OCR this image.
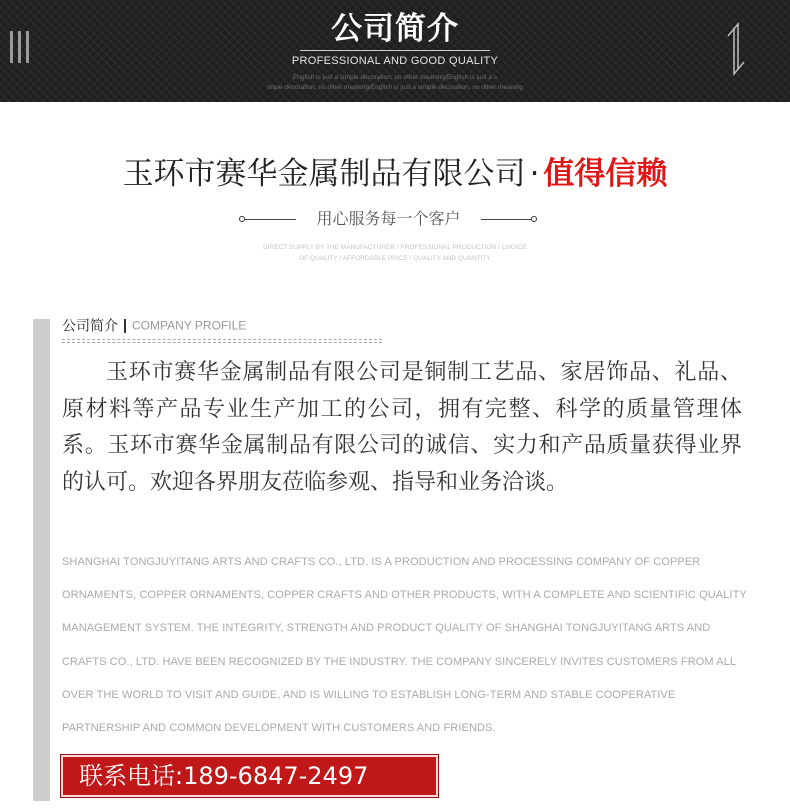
公司简介
PROFESSIONAL AND GOOD QUALITY
English is just a simple decoration, no other meaning/English is just a s
imple decoration, no other meaning/English is just a simple decoration, no other meaning
玉环市赛华金属制品有限公司 · 值得信赖
用心服务每一个客户
DIRECT SUPPLY BY THE MANUFACTURER / PROFESSIONAL PRODUCTION / CHOICE
OF QUALITY / AFFORDABLE PRICE / QUALITY AND QUANTITY
公司简介 COMPANY PROFILE

玉环市赛华金属制品有限公司是铜制工艺品、家居饰品、礼品、原材料等产品专业生产加工的公司，拥有完整、科学的质量管理体系。玉环市赛华金属制品有限公司的诚信、实力和产品质量获得业界的认可。欢迎各界朋友莅临参观、指导和业务洽谈。

SHANGHAI TONGJUYITANG ARTS AND CRAFTS CO., LTD. IS A PRODUCTION AND PROCESSING COMPANY OF COPPER ORNAMENTS, COPPER ORNAMENTS, COPPER CRAFTS AND OTHER PRODUCTS, WITH A COMPLETE AND SCIENTIFIC QUALITY MANAGEMENT SYSTEM. THE INTEGRITY, STRENGTH AND PRODUCT QUALITY OF SHANGHAI TONGJUYITANG ARTS AND CRAFTS CO., LTD. HAVE BEEN RECOGNIZED BY THE INDUSTRY. THE COMPANY SINCERELY INVITES CUSTOMERS FROM ALL OVER THE WORLD TO VISIT AND GUIDE, AND IS WILLING TO ESTABLISH LONG-TERM AND STABLE COOPERATIVE PARTNERSHIP AND COMMON DEVELOPMENT WITH CUSTOMERS AND FRIENDS.

联系电话:189-6847-2497
